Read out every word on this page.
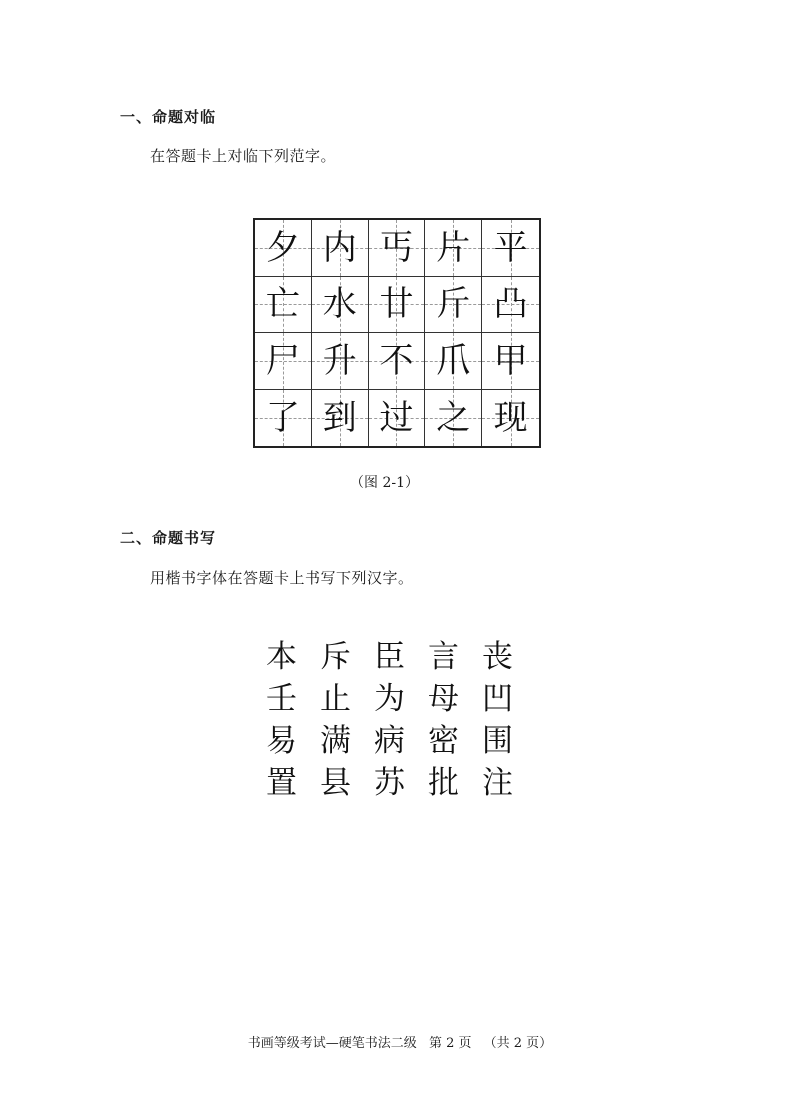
一、命题对临
在答题卡上对临下列范字。
夕 内 丐 片 平
亡 水 廿 斤 凸
尸 升 不 爪 甲
了 到 过 之 现
（图 2-1）
二、命题书写
用楷书字体在答题卡上书写下列汉字。
本 斥 臣 言 丧
壬 止 为 母 凹
易 满 病 密 围
置 县 苏 批 注
书画等级考试—硬笔书法二级 第 2 页 （共 2 页）
